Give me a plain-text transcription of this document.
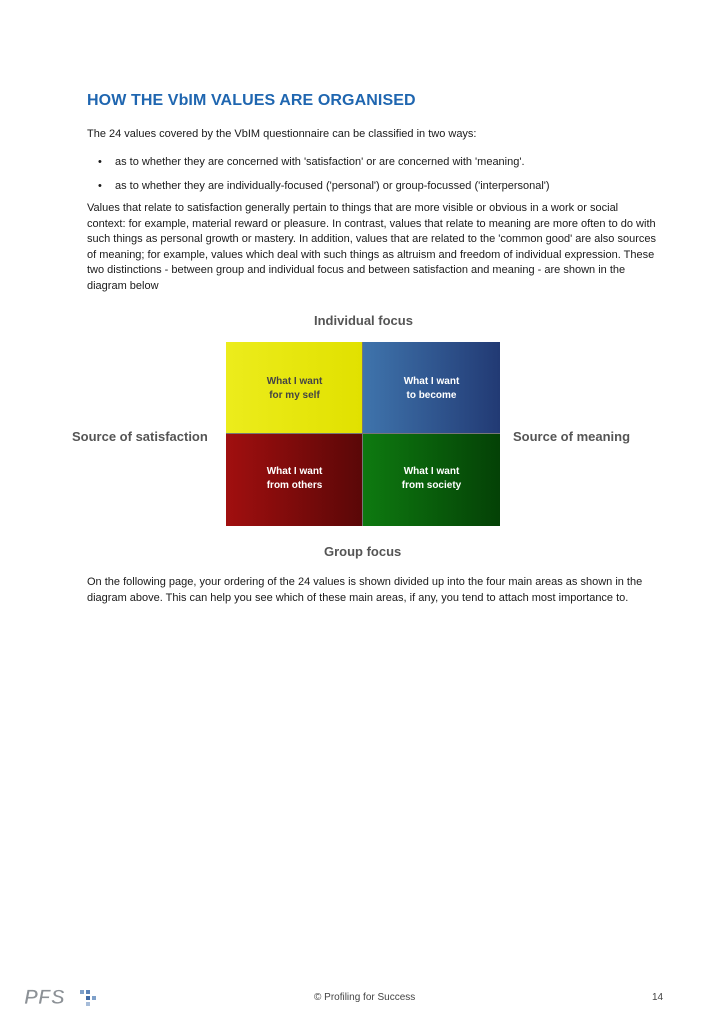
HOW THE VbIM VALUES ARE ORGANISED
The 24 values covered by the VbIM questionnaire can be classified in two ways:
• as to whether they are concerned with 'satisfaction' or are concerned with 'meaning'.
• as to whether they are individually-focused ('personal') or group-focussed ('interpersonal')
Values that relate to satisfaction generally pertain to things that are more visible or obvious in a work or social context: for example, material reward or pleasure. In contrast, values that relate to meaning are more often to do with such things as personal growth or mastery. In addition, values that are related to the 'common good' are also sources of meaning; for example, values which deal with such things as altruism and freedom of individual expression. These two distinctions - between group and individual focus and between satisfaction and meaning - are shown in the diagram below
Individual focus
Source of satisfaction	Source of meaning
Group focus
What I want
for my self
What I want
to become
What I want
from others
What I want
from society
On the following page, your ordering of the 24 values is shown divided up into the four main areas as shown in the diagram above. This can help you see which of these main areas, if any, you tend to attach most importance to.
PFS	© Profiling for Success	14
